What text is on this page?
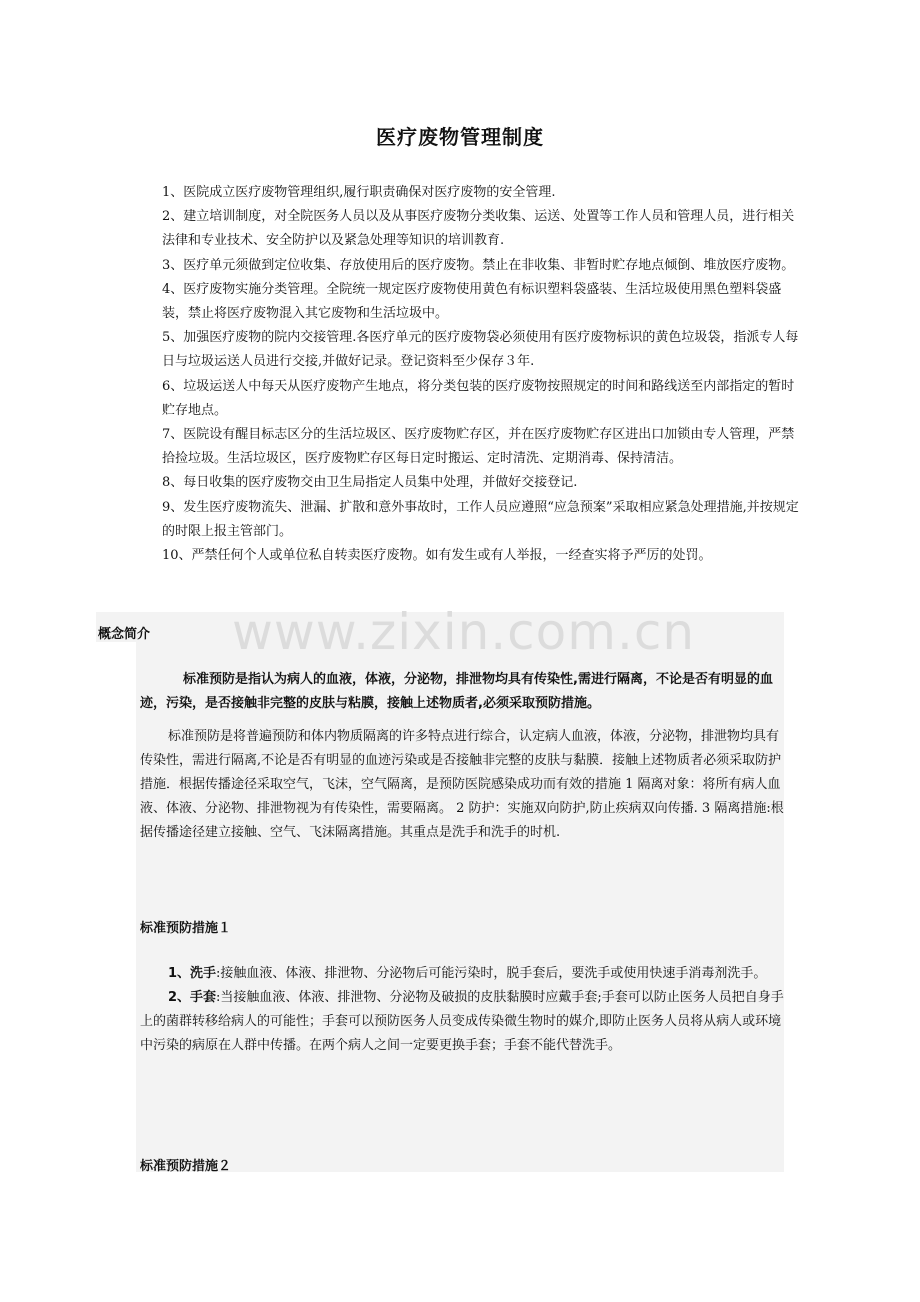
医疗废物管理制度

1、医院成立医疗废物管理组织,履行职责确保对医疗废物的安全管理.

2、建立培训制度，对全院医务人员以及从事医疗废物分类收集、运送、处置等工作人员和管理人员，进行相关法律和专业技术、安全防护以及紧急处理等知识的培训教育.

3、医疗单元须做到定位收集、存放使用后的医疗废物。禁止在非收集、非暂时贮存地点倾倒、堆放医疗废物。

4、医疗废物实施分类管理。全院统一规定医疗废物使用黄色有标识塑料袋盛装、生活垃圾使用黑色塑料袋盛装，禁止将医疗废物混入其它废物和生活垃圾中。

5、加强医疗废物的院内交接管理.各医疗单元的医疗废物袋必须使用有医疗废物标识的黄色垃圾袋，指派专人每日与垃圾运送人员进行交接,并做好记录。登记资料至少保存３年.

6、垃圾运送人中每天从医疗废物产生地点，将分类包装的医疗废物按照规定的时间和路线送至内部指定的暂时贮存地点。

7、医院设有醒目标志区分的生活垃圾区、医疗废物贮存区，并在医疗废物贮存区进出口加锁由专人管理，严禁拾捡垃圾。生活垃圾区，医疗废物贮存区每日定时搬运、定时清洗、定期消毒、保持清洁。

8、每日收集的医疗废物交由卫生局指定人员集中处理，并做好交接登记.

9、发生医疗废物流失、泄漏、扩散和意外事故时，工作人员应遵照“应急预案”采取相应紧急处理措施,并按规定的时限上报主管部门。

10、严禁任何个人或单位私自转卖医疗废物。如有发生或有人举报，一经查实将予严厉的处罚。

概念简介 www.zixin.com.cn
标准预防是指认为病人的血液，体液，分泌物，排泄物均具有传染性,需进行隔离，不论是否有明显的血迹，污染，是否接触非完整的皮肤与粘膜，接触上述物质者,必须采取预防措施。
标准预防是将普遍预防和体内物质隔离的许多特点进行综合，认定病人血液，体液，分泌物，排泄物均具有传染性，需进行隔离,不论是否有明显的血迹污染或是否接触非完整的皮肤与黏膜．接触上述物质者必须采取防护措施．根据传播途径采取空气，飞沫，空气隔离，是预防医院感染成功而有效的措施 1 隔离对象：将所有病人血液、体液、分泌物、排泄物视为有传染性，需要隔离。 2 防护：实施双向防护,防止疾病双向传播. 3 隔离措施:根据传播途径建立接触、空气、飞沫隔离措施。其重点是洗手和洗手的时机.
标准预防措施１

1、洗手:接触血液、体液、排泄物、分泌物后可能污染时，脱手套后，要洗手或使用快速手消毒剂洗手。

2、手套:当接触血液、体液、排泄物、分泌物及破损的皮肤黏膜时应戴手套;手套可以防止医务人员把自身手上的菌群转移给病人的可能性；手套可以预防医务人员变成传染微生物时的媒介,即防止医务人员将从病人或环境中污染的病原在人群中传播。在两个病人之间一定要更换手套；手套不能代替洗手。

标准预防措施２
